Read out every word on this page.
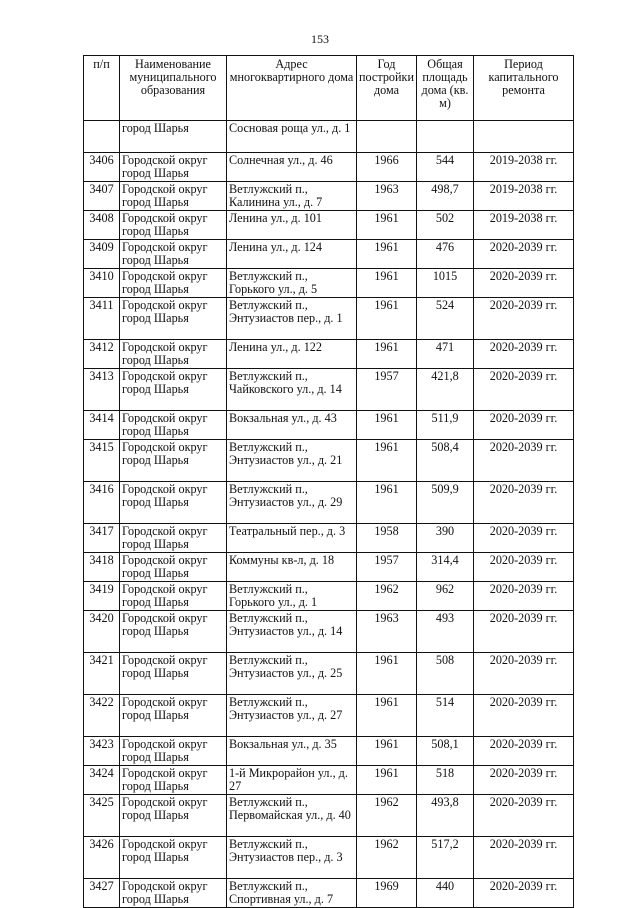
153
п/п	Наименование муниципального образования	Адрес многоквартирного дома	Год постройки дома	Общая площадь дома (кв. м)	Период капитального ремонта
	город Шарья	Сосновая роща ул., д. 1			
3406	Городской округ город Шарья	Солнечная ул., д. 46	1966	544	2019-2038 гг.
3407	Городской округ город Шарья	Ветлужский п., Калинина ул., д. 7	1963	498,7	2019-2038 гг.
3408	Городской округ город Шарья	Ленина ул., д. 101	1961	502	2019-2038 гг.
3409	Городской округ город Шарья	Ленина ул., д. 124	1961	476	2020-2039 гг.
3410	Городской округ город Шарья	Ветлужский п., Горького ул., д. 5	1961	1015	2020-2039 гг.
3411	Городской округ город Шарья	Ветлужский п., Энтузиастов пер., д. 1	1961	524	2020-2039 гг.
3412	Городской округ город Шарья	Ленина ул., д. 122	1961	471	2020-2039 гг.
3413	Городской округ город Шарья	Ветлужский п., Чайковского ул., д. 14	1957	421,8	2020-2039 гг.
3414	Городской округ город Шарья	Вокзальная ул., д. 43	1961	511,9	2020-2039 гг.
3415	Городской округ город Шарья	Ветлужский п., Энтузиастов ул., д. 21	1961	508,4	2020-2039 гг.
3416	Городской округ город Шарья	Ветлужский п., Энтузиастов ул., д. 29	1961	509,9	2020-2039 гг.
3417	Городской округ город Шарья	Театральный пер., д. 3	1958	390	2020-2039 гг.
3418	Городской округ город Шарья	Коммуны кв-л, д. 18	1957	314,4	2020-2039 гг.
3419	Городской округ город Шарья	Ветлужский п., Горького ул., д. 1	1962	962	2020-2039 гг.
3420	Городской округ город Шарья	Ветлужский п., Энтузиастов ул., д. 14	1963	493	2020-2039 гг.
3421	Городской округ город Шарья	Ветлужский п., Энтузиастов ул., д. 25	1961	508	2020-2039 гг.
3422	Городской округ город Шарья	Ветлужский п., Энтузиастов ул., д. 27	1961	514	2020-2039 гг.
3423	Городской округ город Шарья	Вокзальная ул., д. 35	1961	508,1	2020-2039 гг.
3424	Городской округ город Шарья	1-й Микрорайон ул., д. 27	1961	518	2020-2039 гг.
3425	Городской округ город Шарья	Ветлужский п., Первомайская ул., д. 40	1962	493,8	2020-2039 гг.
3426	Городской округ город Шарья	Ветлужский п., Энтузиастов пер., д. 3	1962	517,2	2020-2039 гг.
3427	Городской округ город Шарья	Ветлужский п., Спортивная ул., д. 7	1969	440	2020-2039 гг.
